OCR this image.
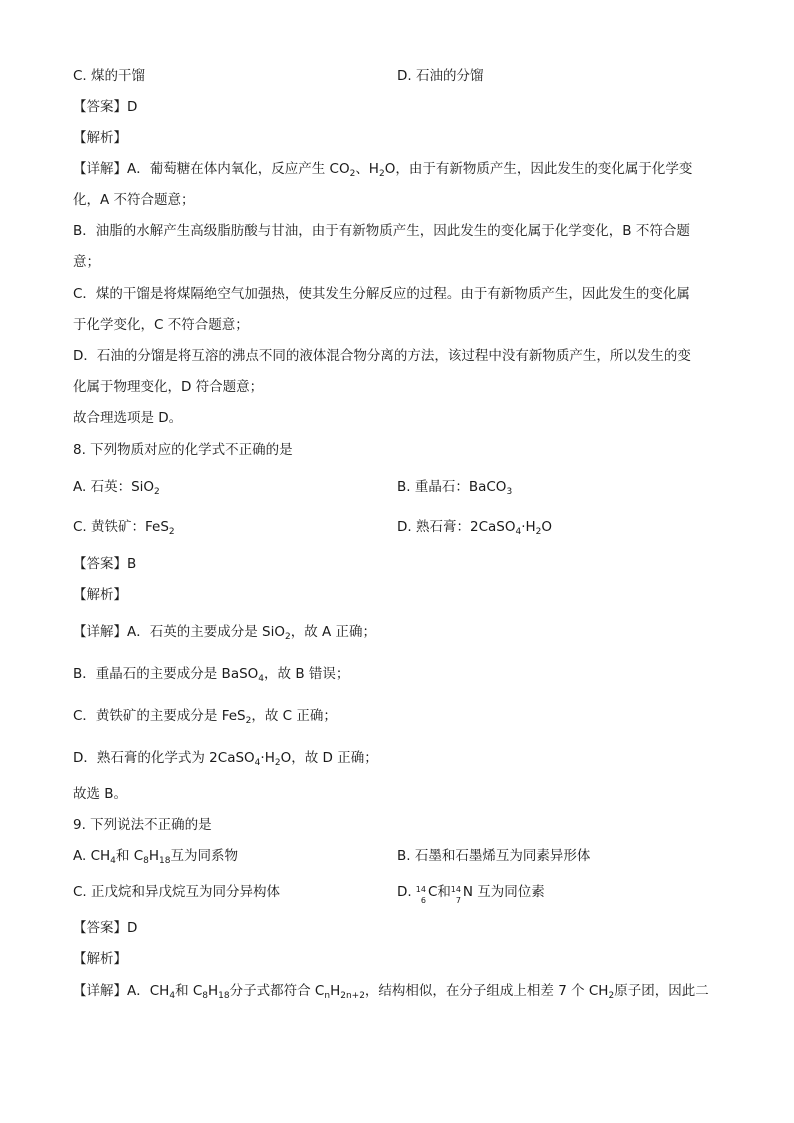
C. 煤的干馏	D. 石油的分馏
【答案】D
【解析】
【详解】A．葡萄糖在体内氧化，反应产生 $CO_2$、$H_2O$，由于有新物质产生，因此发生的变化属于化学变
化，A 不符合题意；
B．油脂的水解产生高级脂肪酸与甘油，由于有新物质产生，因此发生的变化属于化学变化，B 不符合题
意；
C．煤的干馏是将煤隔绝空气加强热，使其发生分解反应的过程。由于有新物质产生，因此发生的变化属
于化学变化，C 不符合题意；
D．石油的分馏是将互溶的沸点不同的液体混合物分离的方法，该过程中没有新物质产生，所以发生的变
化属于物理变化，D 符合题意；
故合理选项是 D。
8. 下列物质对应的化学式不正确的是
A. 石英：SiO$_2$	B. 重晶石：BaCO$_3$
C. 黄铁矿：FeS$_2$	D. 熟石膏：$2CaSO_4\cdot H_2O$
【答案】B
【解析】
【详解】A．石英的主要成分是 SiO$_2$，故 A 正确；
B．重晶石的主要成分是 BaSO$_4$，故 B 错误；
C．黄铁矿的主要成分是 FeS$_2$，故 C 正确；
D．熟石膏的化学式为 $2CaSO_4\cdot H_2O$，故 D 正确；
故选 B。
9. 下列说法不正确的是
A. $CH_4$和 $C_8H_{18}$互为同系物	B. 石墨和石墨烯互为同素异形体
C. 正戊烷和异戊烷互为同分异构体	D. 14
6
C和 14
7
N 互为同位素
【答案】D
【解析】
【详解】A．$CH_4$和 $C_8H_{18}$分子式都符合 $C_nH_{2n+2}$，结构相似，在分子组成上相差 7 个 $CH_2$原子团，因此二
